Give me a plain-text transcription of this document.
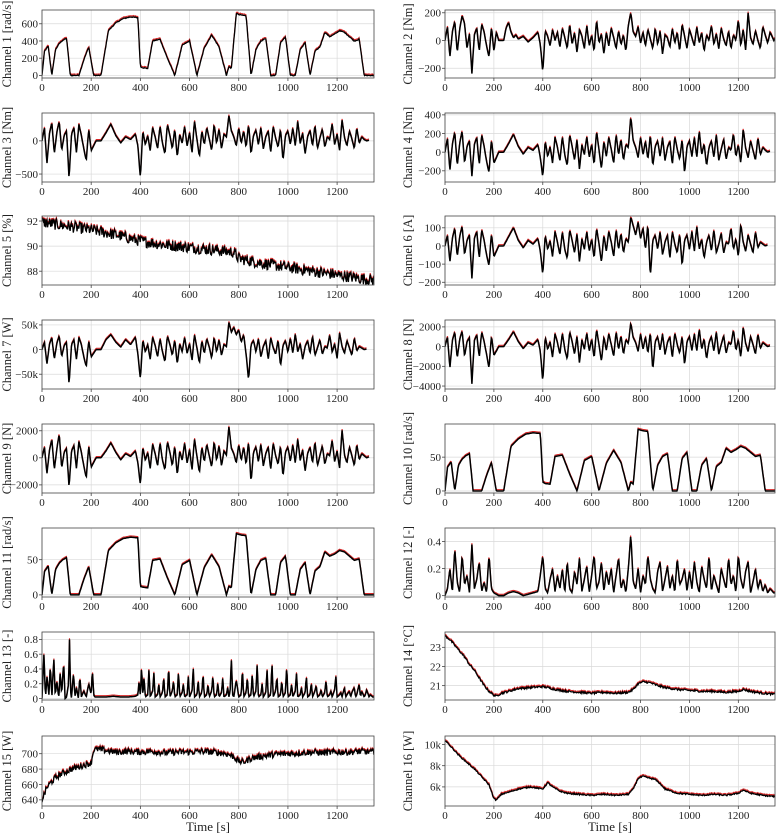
0	200	400	600	800	1000 1200
0
200
400
600
Channel 1 [rad/s]
0	200	400	600	800	1000 1200
−200
0
200
Channel 2 [Nm]
0	200	400	600	800	1000 1200
−500
0
Channel 3 [Nm]
0	200	400	600	800	1000 1200
−200
0
200
400
Channel 4 [Nm]
0	200	400	600	800	1000 1200
88
90
92
Channel 5 [%]
0	200	400	600	800	1000 1200
−200
−100
0
100
Channel 6 [A]
0	200	400	600	800	1000 1200
−50k
0
50k
Channel 7 [W]
0	200	400	600	800	1000 1200
−4000
−2000
0
2000
Channel 8 [N]
0	200	400	600	800	1000 1200
−2000
0
2000
Channel 9 [N]
0	200	400	600	800	1000 1200
0
50
Channel 10 [rad/s]
0	200	400	600	800	1000 1200
0
50
Channel 11 [rad/s]	0	200	400	600	800	1000 1200
0
0.2
0.4
Channel 12 [-]
0	200	400	600	800	1000 1200
0
0.2
0.4
0.6
0.8
Channel 13 [-]
0	200	400	600	800	1000 1200
21
22
23
Channel 14 [°C]
0	200	400	600	800	1000 1200
640
660
680
700
Channel 15 [W]
0	200	400	600	800	1000 1200
6k
8k
10k
Channel 16 [W]
Time [s]	Time [s]
